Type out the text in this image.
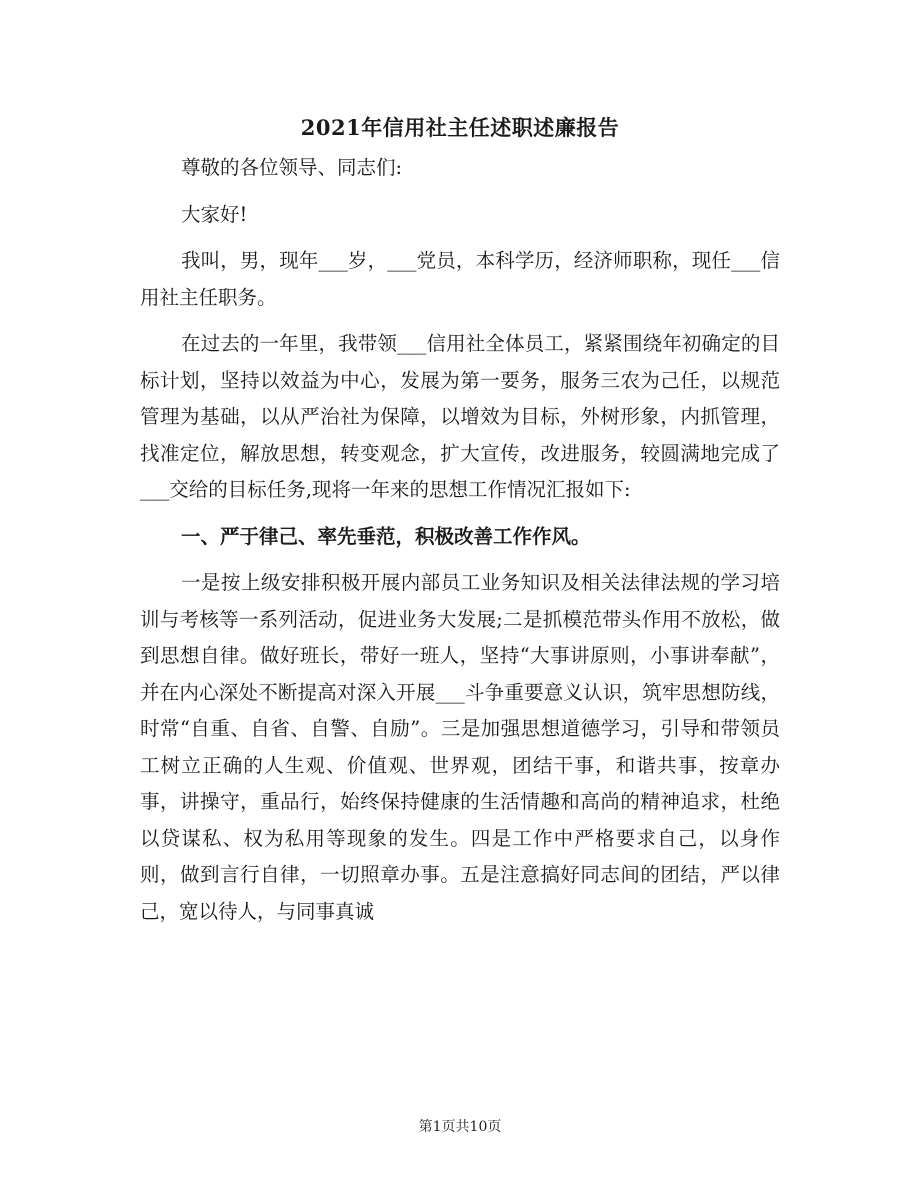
2021年信用社主任述职述廉报告

尊敬的各位领导、同志们:

大家好!

我叫，男，现年___岁，___党员，本科学历，经济师职称，现任___信用社主任职务。

在过去的一年里，我带领___信用社全体员工，紧紧围绕年初确定的目标计划，坚持以效益为中心，发展为第一要务，服务三农为己任，以规范管理为基础，以从严治社为保障，以增效为目标，外树形象，内抓管理，找准定位，解放思想，转变观念，扩大宣传，改进服务，较圆满地完成了___交给的目标任务,现将一年来的思想工作情况汇报如下:

一、严于律己、率先垂范，积极改善工作作风。

一是按上级安排积极开展内部员工业务知识及相关法律法规的学习培训与考核等一系列活动，促进业务大发展;二是抓模范带头作用不放松，做到思想自律。做好班长，带好一班人，坚持“大事讲原则，小事讲奉献”，并在内心深处不断提高对深入开展___斗争重要意义认识，筑牢思想防线，时常“自重、自省、自警、自励”。三是加强思想道德学习，引导和带领员工树立正确的人生观、价值观、世界观，团结干事，和谐共事，按章办事，讲操守，重品行，始终保持健康的生活情趣和高尚的精神追求，杜绝以贷谋私、权为私用等现象的发生。四是工作中严格要求自己，以身作则，做到言行自律，一切照章办事。五是注意搞好同志间的团结，严以律己，宽以待人，与同事真诚

第1页共10页
